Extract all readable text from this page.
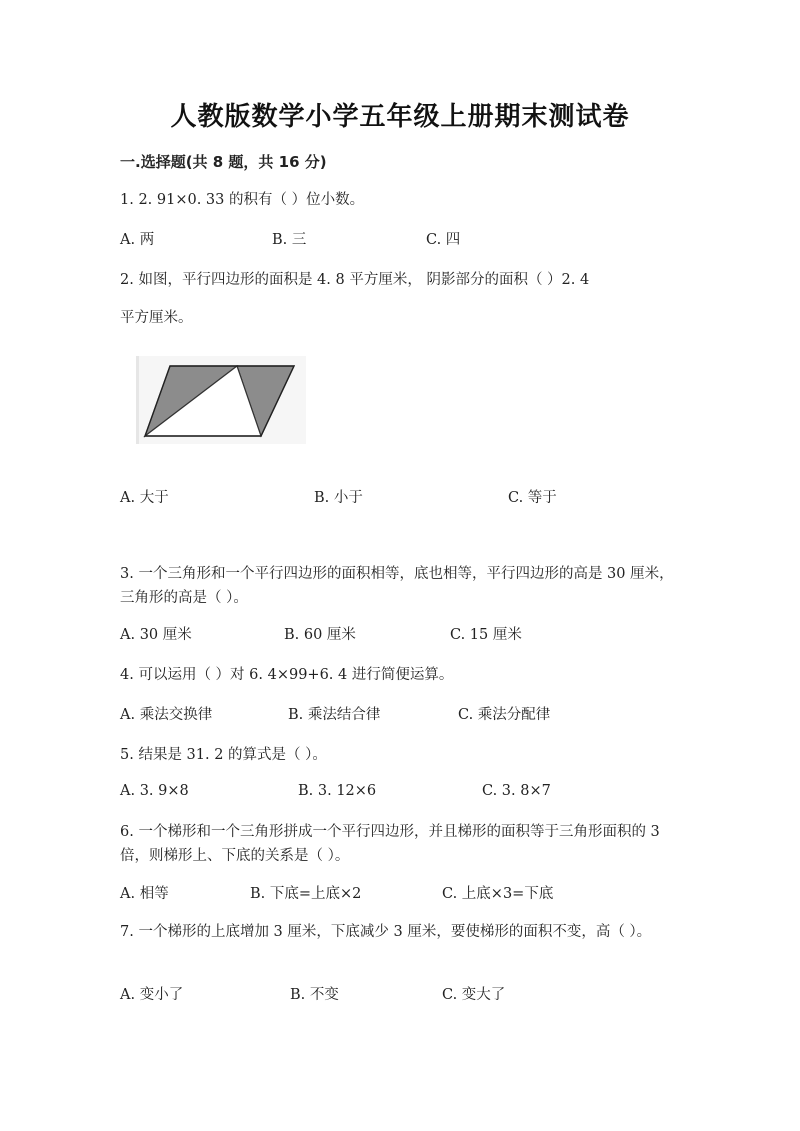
人教版数学小学五年级上册期末测试卷
一.选择题(共 8 题，共 16 分)
1. 2. 91×0. 33 的积有（ ）位小数。
A. 两	B. 三	C. 四
2. 如图，平行四边形的面积是 4. 8 平方厘米， 阴影部分的面积（ ）2. 4
平方厘米。
A. 大于	B. 小于	C. 等于
3. 一个三角形和一个平行四边形的面积相等，底也相等，平行四边形的高是 30 厘米，三角形的高是（ ）。
A. 30 厘米	B. 60 厘米	C. 15 厘米
4. 可以运用（ ）对 6. 4×99+6. 4 进行简便运算。
A. 乘法交换律	B. 乘法结合律	C. 乘法分配律
5. 结果是 31. 2 的算式是（ ）。
A. 3. 9×8	B. 3. 12×6	C. 3. 8×7
6. 一个梯形和一个三角形拼成一个平行四边形，并且梯形的面积等于三角形面积的 3 倍，则梯形上、下底的关系是（ ）。
A. 相等	B. 下底=上底×2	C. 上底×3=下底
7. 一个梯形的上底增加 3 厘米，下底减少 3 厘米，要使梯形的面积不变，高（ ）。
A. 变小了	B. 不变	C. 变大了
